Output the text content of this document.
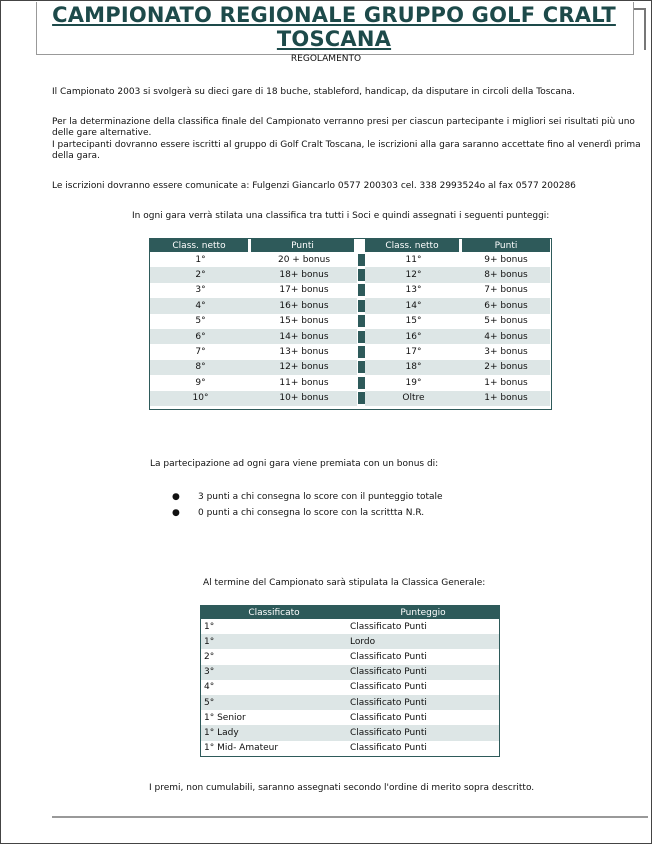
CAMPIONATO REGIONALE GRUPPO GOLF CRALT TOSCANA
REGOLAMENTO
Il Campionato 2003 si svolgerà su dieci gare di 18 buche, stableford, handicap, da disputare in circoli della Toscana.
Per la determinazione della classifica finale del Campionato verranno presi per ciascun partecipante i migliori sei risultati più uno delle gare alternative.
I partecipanti dovranno essere iscritti al gruppo di Golf Cralt Toscana, le iscrizioni alla gara saranno accettate fino al venerdì prima della gara.
Le iscrizioni dovranno essere comunicate a: Fulgenzi Giancarlo 0577 200303 cel. 338 2993524o al fax 0577 200286
In ogni gara verrà stilata una classifica tra tutti i Soci e quindi assegnati i seguenti punteggi:
Class. netto	Punti		Class. netto	Punti
1°	20 + bonus		11°	9+ bonus
2°	18+ bonus		12°	8+ bonus
3°	17+ bonus		13°	7+ bonus
4°	16+ bonus		14°	6+ bonus
5°	15+ bonus		15°	5+ bonus
6°	14+ bonus		16°	4+ bonus
7°	13+ bonus		17°	3+ bonus
8°	12+ bonus		18°	2+ bonus
9°	11+ bonus		19°	1+ bonus
10°	10+ bonus		Oltre	1+ bonus
La partecipazione ad ogni gara viene premiata con un bonus di:
● 3 punti a chi consegna lo score con il punteggio totale
● 0 punti a chi consegna lo score con la scrittta N.R.
Al termine del Campionato sarà stipulata la Classica Generale:
Classificato	Punteggio
1°	Classificato Punti
1°	Lordo
2°	Classificato Punti
3°	Classificato Punti
4°	Classificato Punti
5°	Classificato Punti
1° Senior	Classificato Punti
1° Lady	Classificato Punti
1° Mid- Amateur	Classificato Punti
I premi, non cumulabili, saranno assegnati secondo l'ordine di merito sopra descritto.
